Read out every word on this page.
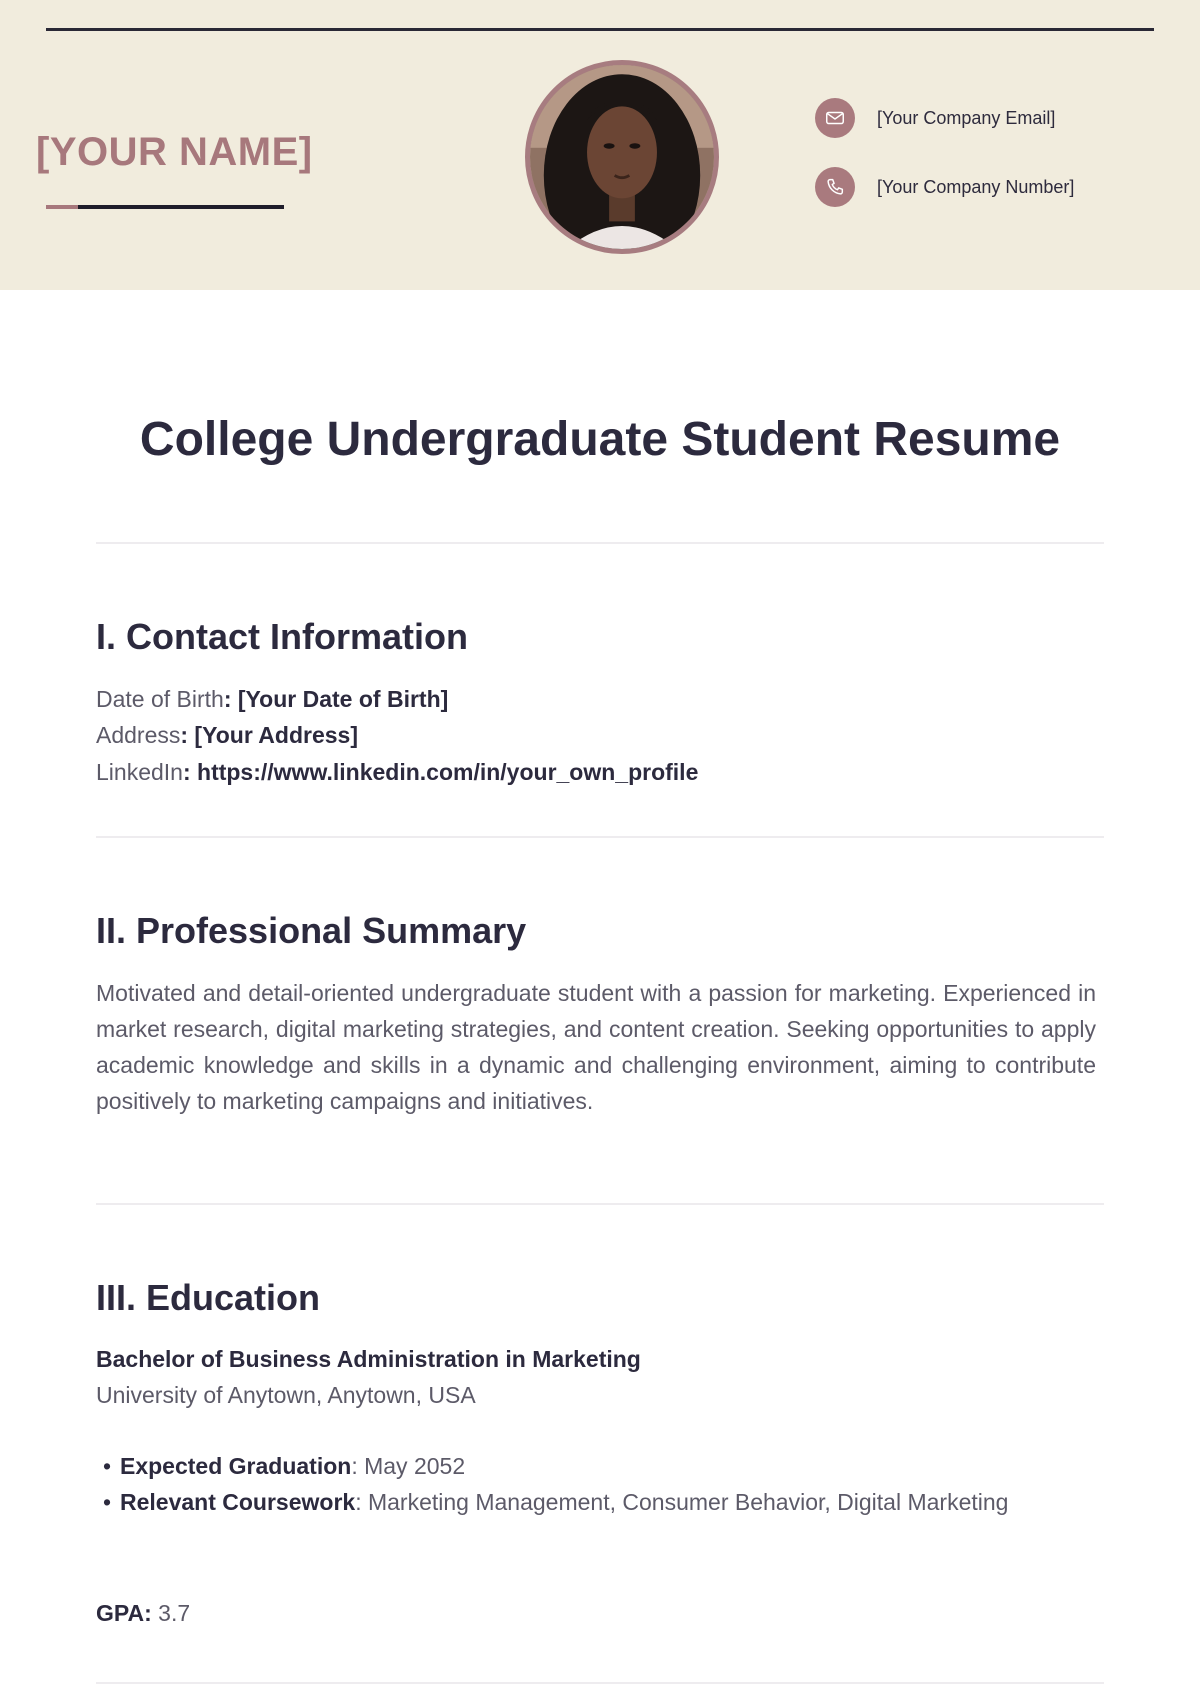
[YOUR NAME]
[Your Company Email]
[Your Company Number]
College Undergraduate Student Resume
I. Contact Information
Date of Birth: [Your Date of Birth]
Address: [Your Address]
LinkedIn: https://www.linkedin.com/in/your_own_profile
II. Professional Summary
Motivated and detail-oriented undergraduate student with a passion for marketing. Experienced in market research, digital marketing strategies, and content creation. Seeking opportunities to apply academic knowledge and skills in a dynamic and challenging environment, aiming to contribute positively to marketing campaigns and initiatives.
III. Education
Bachelor of Business Administration in Marketing
University of Anytown, Anytown, USA
• Expected Graduation: May 2052
• Relevant Coursework: Marketing Management, Consumer Behavior, Digital Marketing
GPA: 3.7
